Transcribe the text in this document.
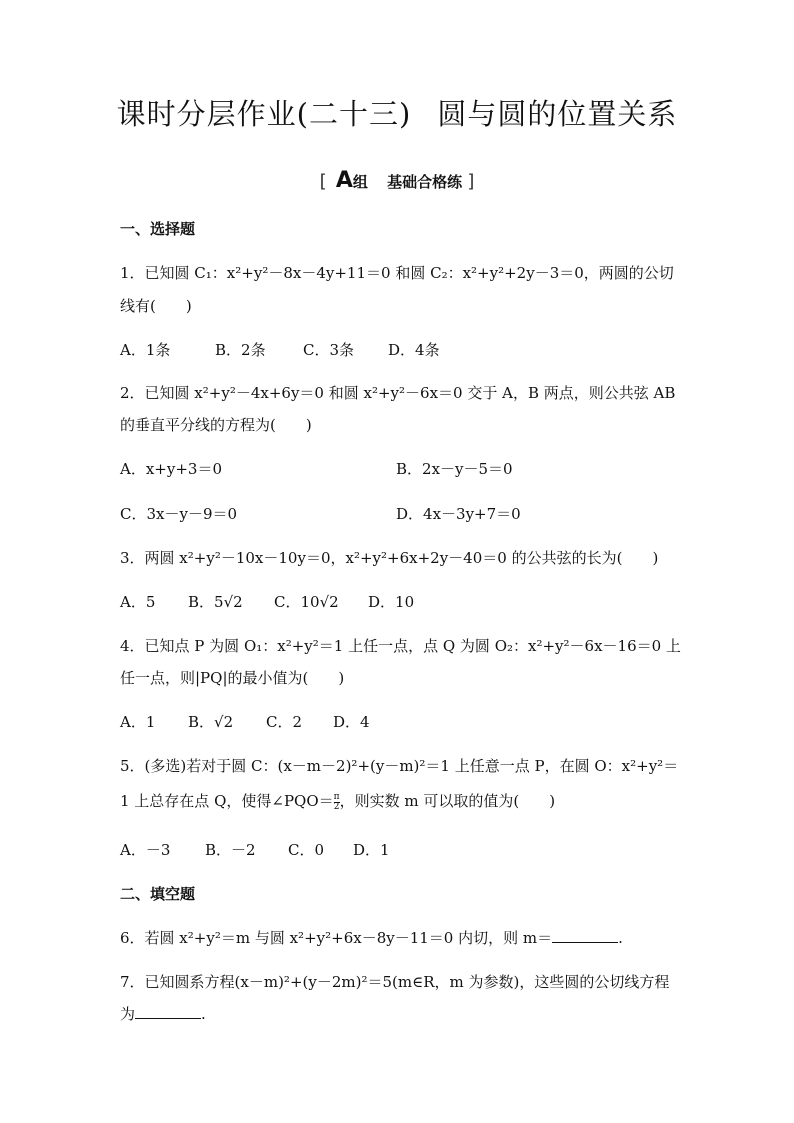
课时分层作业(二十三) 圆与圆的位置关系
[ A组 基础合格练 ]
一、选择题
1．已知圆 C₁：x²+y²－8x－4y+11＝0 和圆 C₂：x²+y²+2y－3＝0，两圆的公切
线有( )
A．1条	B．2条 C．3条 D．4条
2．已知圆 x²+y²－4x+6y＝0 和圆 x²+y²－6x＝0 交于 A，B 两点，则公共弦 AB
的垂直平分线的方程为( )
A．x+y+3＝0	B．2x－y－5＝0
C．3x－y－9＝0	D．4x－3y+7＝0
3．两圆 x²+y²－10x－10y＝0，x²+y²+6x+2y－40＝0 的公共弦的长为( )
A．5 B．5√2 C．10√2 D．10
4．已知点 P 为圆 O₁：x²+y²＝1 上任一点，点 Q 为圆 O₂：x²+y²－6x－16＝0 上
任一点，则|PQ|的最小值为( )
A．1 B．√2 C．2 D．4
5．(多选)若对于圆 C：(x－m－2)²+(y－m)²＝1 上任意一点 P，在圆 O：x²+y²＝
1 上总存在点 Q，使得∠PQO＝ $\frac{\pi}{2}$ ，则实数 m 可以取的值为( )
A．－3 B．－2 C．0 D．1
二、填空题
6．若圆 x²+y²＝m 与圆 x²+y²+6x－8y－11＝0 内切，则 m＝	.
7．已知圆系方程(x－m)²+(y－2m)²＝5(m∈R，m 为参数)，这些圆的公切线方程
为	.
